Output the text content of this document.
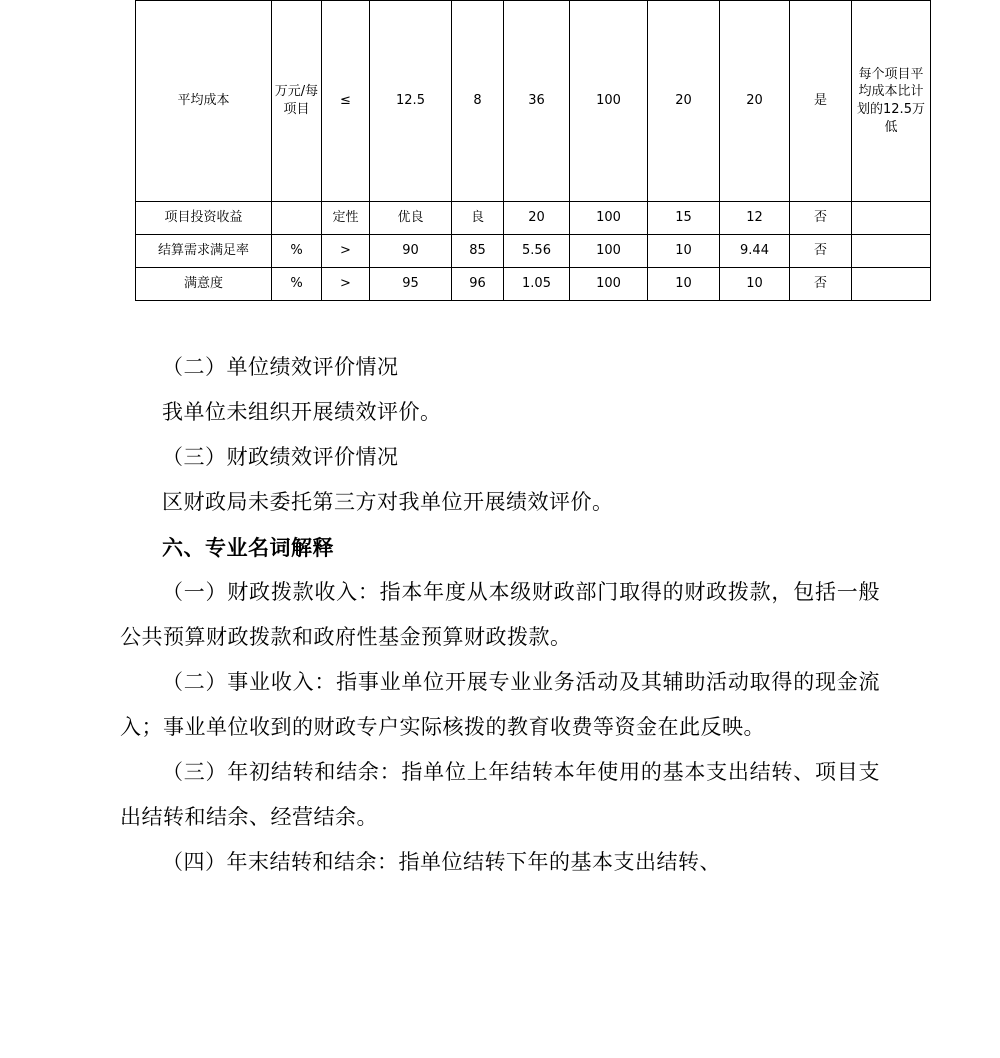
平均成本	万元/每项目	≤	12.5	8	36	100	20	20	是	每个项目平均成本比计划的12.5万低
项目投资收益		定性	优良	良	20	100	15	12	否	
结算需求满足率	%	>	90	85	5.56	100	10	9.44	否	
满意度	%	>	95	96	1.05	100	10	10	否	

（二）单位绩效评价情况

我单位未组织开展绩效评价。

（三）财政绩效评价情况

区财政局未委托第三方对我单位开展绩效评价。

六、专业名词解释

（一）财政拨款收入：指本年度从本级财政部门取得的财政拨款，包括一般公共预算财政拨款和政府性基金预算财政拨款。

（二）事业收入：指事业单位开展专业业务活动及其辅助活动取得的现金流入；事业单位收到的财政专户实际核拨的教育收费等资金在此反映。

（三）年初结转和结余：指单位上年结转本年使用的基本支出结转、项目支出结转和结余、经营结余。

（四）年末结转和结余：指单位结转下年的基本支出结转、
